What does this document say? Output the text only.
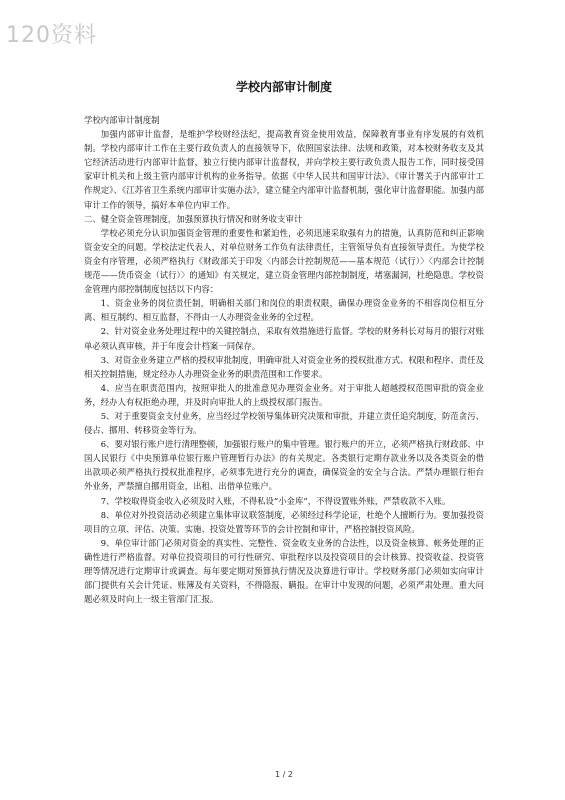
120资料
学校内部审计制度

学校内部审计制度制

加强内部审计监督，是维护学校财经法纪，提高教育资金使用效益，保障教育事业有序发展的有效机制。学校内部审计工作在主要行政负责人的直接领导下，依照国家法律、法规和政策，对本校财务收支及其它经济活动进行内部审计监督，独立行使内部审计监督权，并向学校主要行政负责人报告工作，同时接受国家审计机关和上级主管内部审计机构的业务指导。依据《中华人民共和国审计法》、《审计署关于内部审计工作规定》、《江苏省卫生系统内部审计实施办法》，建立健全内部审计监督机制，强化审计监督职能。加强内部审计工作的领导，搞好本单位内审工作。

二、健全资金管理制度，加强预算执行情况和财务收支审计

学校必须充分认识加强资金管理的重要性和紧迫性，必须迅速采取强有力的措施，认真防范和纠正影响资金安全的问题。学校法定代表人，对单位财务工作负有法律责任，主管领导负有直接领导责任。为使学校资金有序管理，必须严格执行《财政部关于印发〈内部会计控制规范——基本规范（试行）〉〈内部会计控制规范——货币资金（试行）〉的通知》有关规定，建立资金管理内部控制制度，堵塞漏洞，杜绝隐患。学校资金管理内部控制制度包括以下内容：

1、资金业务的岗位责任制，明确相关部门和岗位的职责权限，确保办理资金业务的不相容岗位相互分离、相互制约、相互监督，不得由一人办理资金业务的全过程。

2、针对资金业务处理过程中的关键控制点，采取有效措施进行监督。学校的财务科长对每月的银行对账单必须认真审核，并于年度会计档案一同保存。

3、对资金业务建立严格的授权审批制度，明确审批人对资金业务的授权批准方式、权限和程序、责任及相关控制措施，规定经办人办理资金业务的职责范围和工作要求。

4、应当在职责范围内，按照审批人的批准意见办理资金业务。对于审批人超越授权范围审批的资金业务，经办人有权拒绝办理，并及时向审批人的上级授权部门报告。

5、对于重要资金支付业务，应当经过学校领导集体研究决策和审批，并建立责任追究制度，防范贪污、侵占、挪用、转移资金等行为。

6、要对银行账户进行清理整顿，加强银行账户的集中管理。银行账户的开立，必须严格执行财政部、中国人民银行《中央预算单位银行账户管理暂行办法》的有关规定。各类银行定期存款业务以及各类资金的借出款项必须严格执行授权批准程序，必须事先进行充分的调查，确保资金的安全与合法。严禁办理银行柜台外业务，严禁擅自挪用资金，出租、出借单位账户。

7、学校取得资金收入必须及时入账，不得私设“小金库”，不得设置账外账，严禁收款不入账。

8、单位对外投资活动必须建立集体审议联签制度，必须经过科学论证，杜绝个人擅断行为。要加强投资项目的立项、评估、决策、实施、投资处置等环节的会计控制和审计，严格控制投资风险。

9、单位审计部门必须对资金的真实性、完整性、资金收支业务的合法性，以及资金核算、帐务处理的正确性进行严格监督。对单位投资项目的可行性研究、审批程序以及投资项目的会计核算、投资收益、投资管理等情况进行定期审计或调查。每年要定期对预算执行情况及决算进行审计。学校财务部门必须如实向审计部门提供有关会计凭证、账簿及有关资料，不得隐报、瞒报。在审计中发现的问题，必须严肃处理。重大问题必须及时向上一级主管部门汇报。

1 / 2
